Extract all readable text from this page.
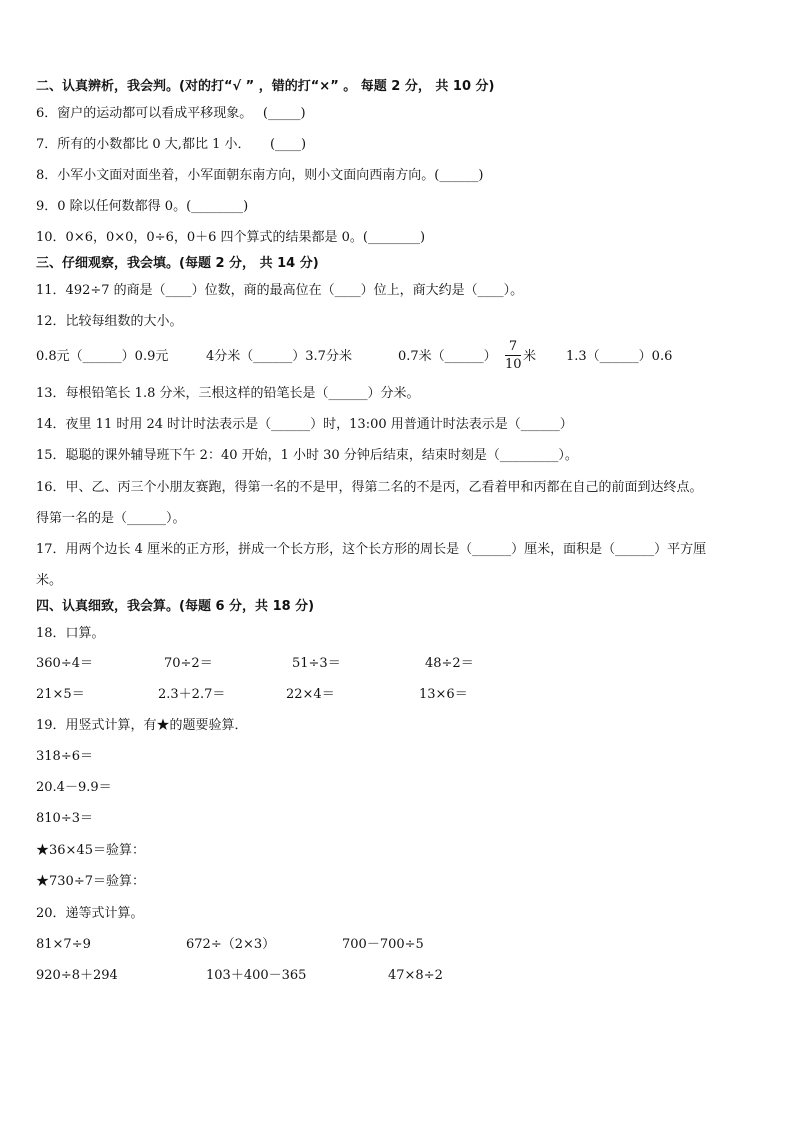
二、认真辨析，我会判。(对的打“√ ” ，错的打“×” 。 每题 2 分， 共 10 分)
6．窗户的运动都可以看成平移现象。　 (_____)
7．所有的小数都比 0 大,都比 1 小．　　(____)
8．小军小文面对面坐着，小军面朝东南方向，则小文面向西南方向。(______)
9．0 除以任何数都得 0。(________)
10．0×6，0×0，0÷6，0＋6 四个算式的结果都是 0。(________)
三、仔细观察，我会填。(每题 2 分， 共 14 分)
11．492÷7 的商是（____）位数，商的最高位在（____）位上，商大约是（____）。
12．比较每组数的大小。
0.8元（______）0.9元	4分米（______）3.7分米	0.7米（______）
7
10
米 1.3（______）0.6
13．每根铅笔长 1.8 分米，三根这样的铅笔长是（______）分米。
14．夜里 11 时用 24 时计时法表示是（______）时，13:00 用普通计时法表示是（______）
15．聪聪的课外辅导班下午 2：40 开始，1 小时 30 分钟后结束，结束时刻是（_________）。
16．甲、乙、丙三个小朋友赛跑，得第一名的不是甲，得第二名的不是丙，乙看着甲和丙都在自己的前面到达终点。
得第一名的是（______）。
17．用两个边长 4 厘米的正方形，拼成一个长方形，这个长方形的周长是（______）厘米，面积是（______）平方厘
米。
四、认真细致，我会算。(每题 6 分，共 18 分)
18．口算。
360÷4＝	70÷2＝	51÷3＝	48÷2＝
21×5＝	2.3＋2.7＝	22×4＝	13×6＝
19．用竖式计算，有★的题要验算．
318÷6＝
20.4－9.9＝
810÷3＝
★36×45＝验算：
★730÷7＝验算：
20．递等式计算。
81×7÷9	672÷（2×3）	700－700÷5
920÷8＋294	103＋400－365	47×8÷2
